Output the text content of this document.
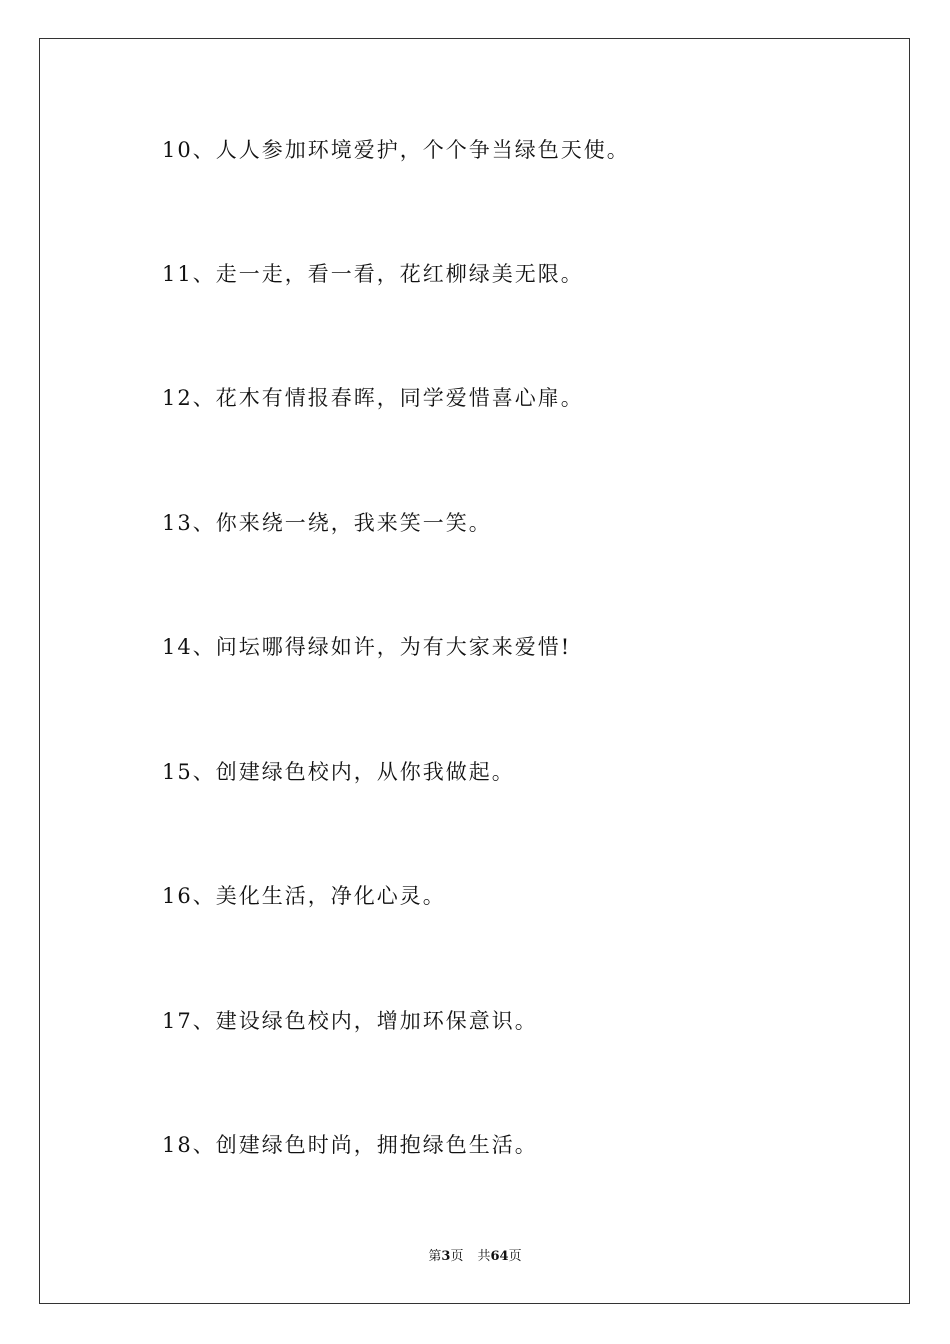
10、人人参加环境爱护，个个争当绿色天使。
11、走一走，看一看，花红柳绿美无限。
12、花木有情报春晖，同学爱惜喜心扉。
13、你来绕一绕，我来笑一笑。
14、问坛哪得绿如许，为有大家来爱惜!
15、创建绿色校内，从你我做起。
16、美化生活，净化心灵。
17、建设绿色校内，增加环保意识。
18、创建绿色时尚，拥抱绿色生活。
第3页 共64页
